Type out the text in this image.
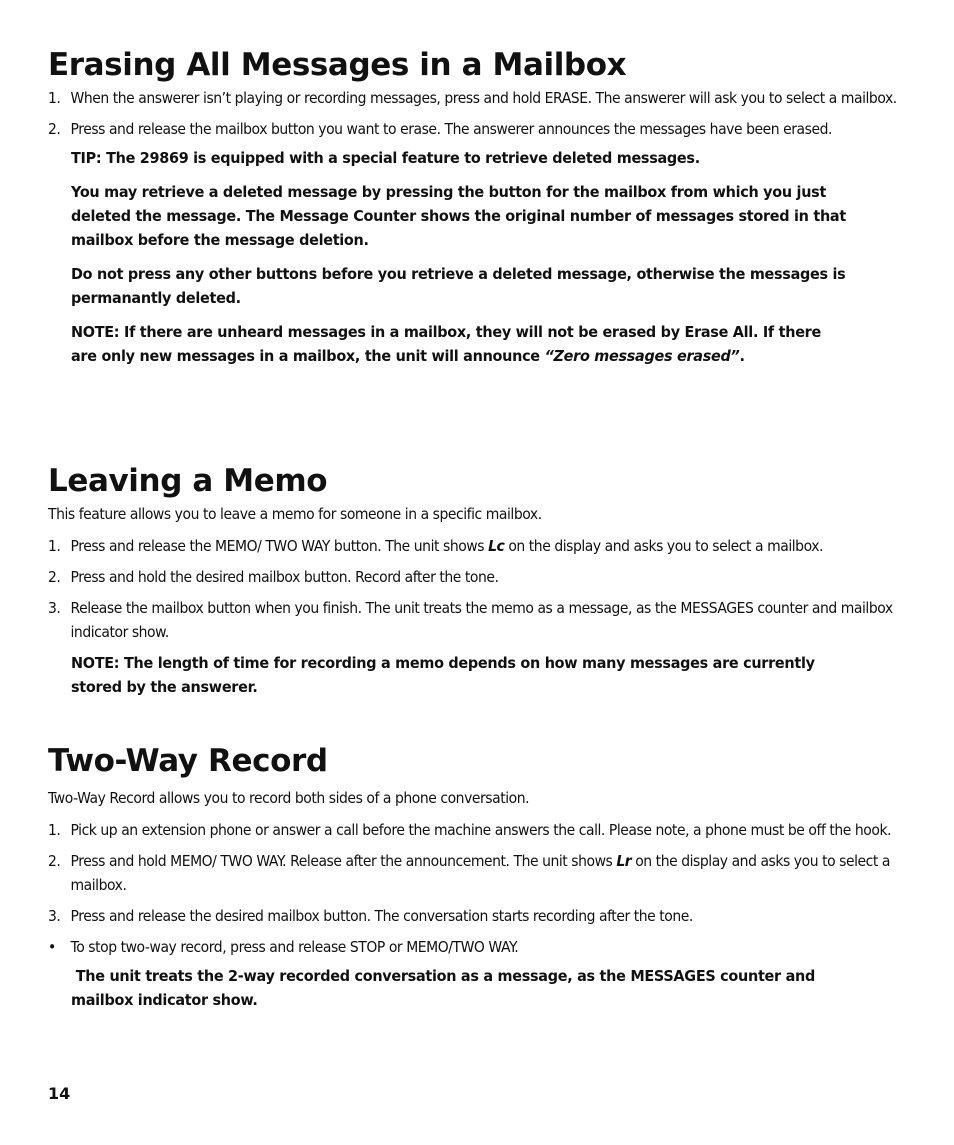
Erasing All Messages in a Mailbox
1. When the answerer isn’t playing or recording messages, press and hold ERASE. The answerer will ask you to select a mailbox.
2. Press and release the mailbox button you want to erase. The answerer announces the messages have been erased.

TIP: The 29869 is equipped with a special feature to retrieve deleted messages.

You may retrieve a deleted message by pressing the button for the mailbox from which you just deleted the message. The Message Counter shows the original number of messages stored in that mailbox before the message deletion.

Do not press any other buttons before you retrieve a deleted message, otherwise the messages is permanantly deleted.

NOTE: If there are unheard messages in a mailbox, they will not be erased by Erase All. If there are only new messages in a mailbox, the unit will announce “Zero messages erased”.

Leaving a Memo

This feature allows you to leave a memo for someone in a specific mailbox.

1. Press and release the MEMO/ TWO WAY button. The unit shows Lc on the display and asks you to select a mailbox.
2. Press and hold the desired mailbox button. Record after the tone.
3. Release the mailbox button when you finish. The unit treats the memo as a message, as the MESSAGES counter and mailbox indicator show.

NOTE: The length of time for recording a memo depends on how many messages are currently stored by the answerer.

Two-Way Record

Two-Way Record allows you to record both sides of a phone conversation.

1. Pick up an extension phone or answer a call before the machine answers the call. Please note, a phone must be off the hook.
2. Press and hold MEMO/ TWO WAY. Release after the announcement. The unit shows Lr on the display and asks you to select a mailbox.
3. Press and release the desired mailbox button. The conversation starts recording after the tone.
• To stop two-way record, press and release STOP or MEMO/TWO WAY.

The unit treats the 2-way recorded conversation as a message, as the MESSAGES counter and mailbox indicator show.

14
